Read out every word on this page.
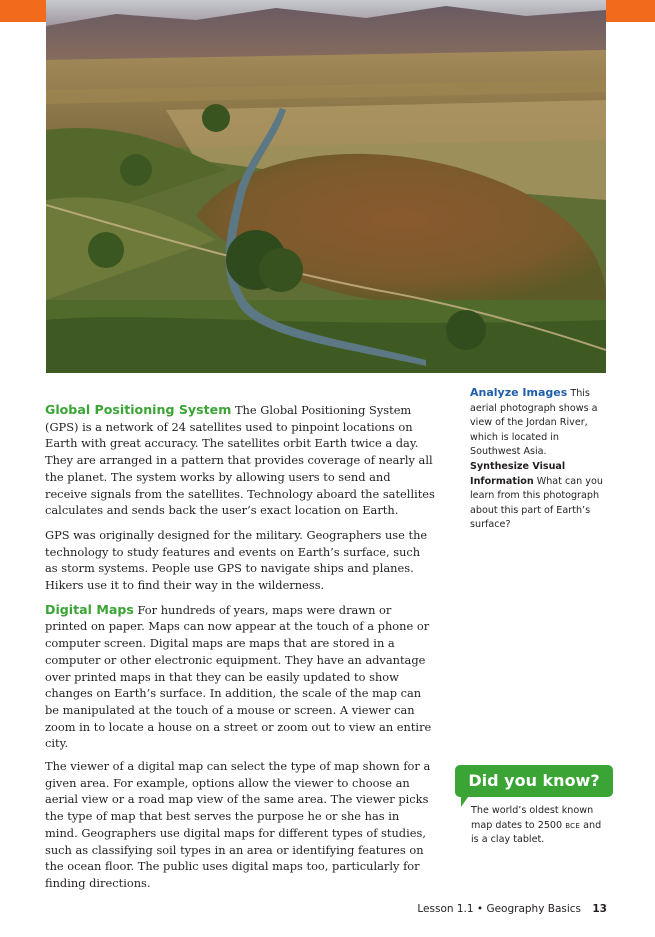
Global Positioning System The Global Positioning System (GPS) is a network of 24 satellites used to pinpoint locations on Earth with great accuracy. The satellites orbit Earth twice a day. They are arranged in a pattern that provides coverage of nearly all the planet. The system works by allowing users to send and receive signals from the satellites. Technology aboard the satellites calculates and sends back the user’s exact location on Earth.

GPS was originally designed for the military. Geographers use the technology to study features and events on Earth’s surface, such as storm systems. People use GPS to navigate ships and planes. Hikers use it to find their way in the wilderness.

Digital Maps For hundreds of years, maps were drawn or printed on paper. Maps can now appear at the touch of a phone or computer screen. Digital maps are maps that are stored in a computer or other electronic equipment. They have an advantage over printed maps in that they can be easily updated to show changes on Earth’s surface. In addition, the scale of the map can be manipulated at the touch of a mouse or screen. A viewer can zoom in to locate a house on a street or zoom out to view an entire city.

The viewer of a digital map can select the type of map shown for a given area. For example, options allow the viewer to choose an aerial view or a road map view of the same area. The viewer picks the type of map that best serves the purpose he or she has in mind. Geographers use digital maps for different types of studies, such as classifying soil types in an area or identifying features on the ocean floor. The public uses digital maps too, particularly for finding directions.

Analyze Images This aerial photograph shows a view of the Jordan River, which is located in Southwest Asia. Synthesize Visual Information What can you learn from this photograph about this part of Earth’s surface?
Did you know?
The world’s oldest known map dates to 2500 BCE and is a clay tablet.
Lesson 1.1 • Geography Basics 13
